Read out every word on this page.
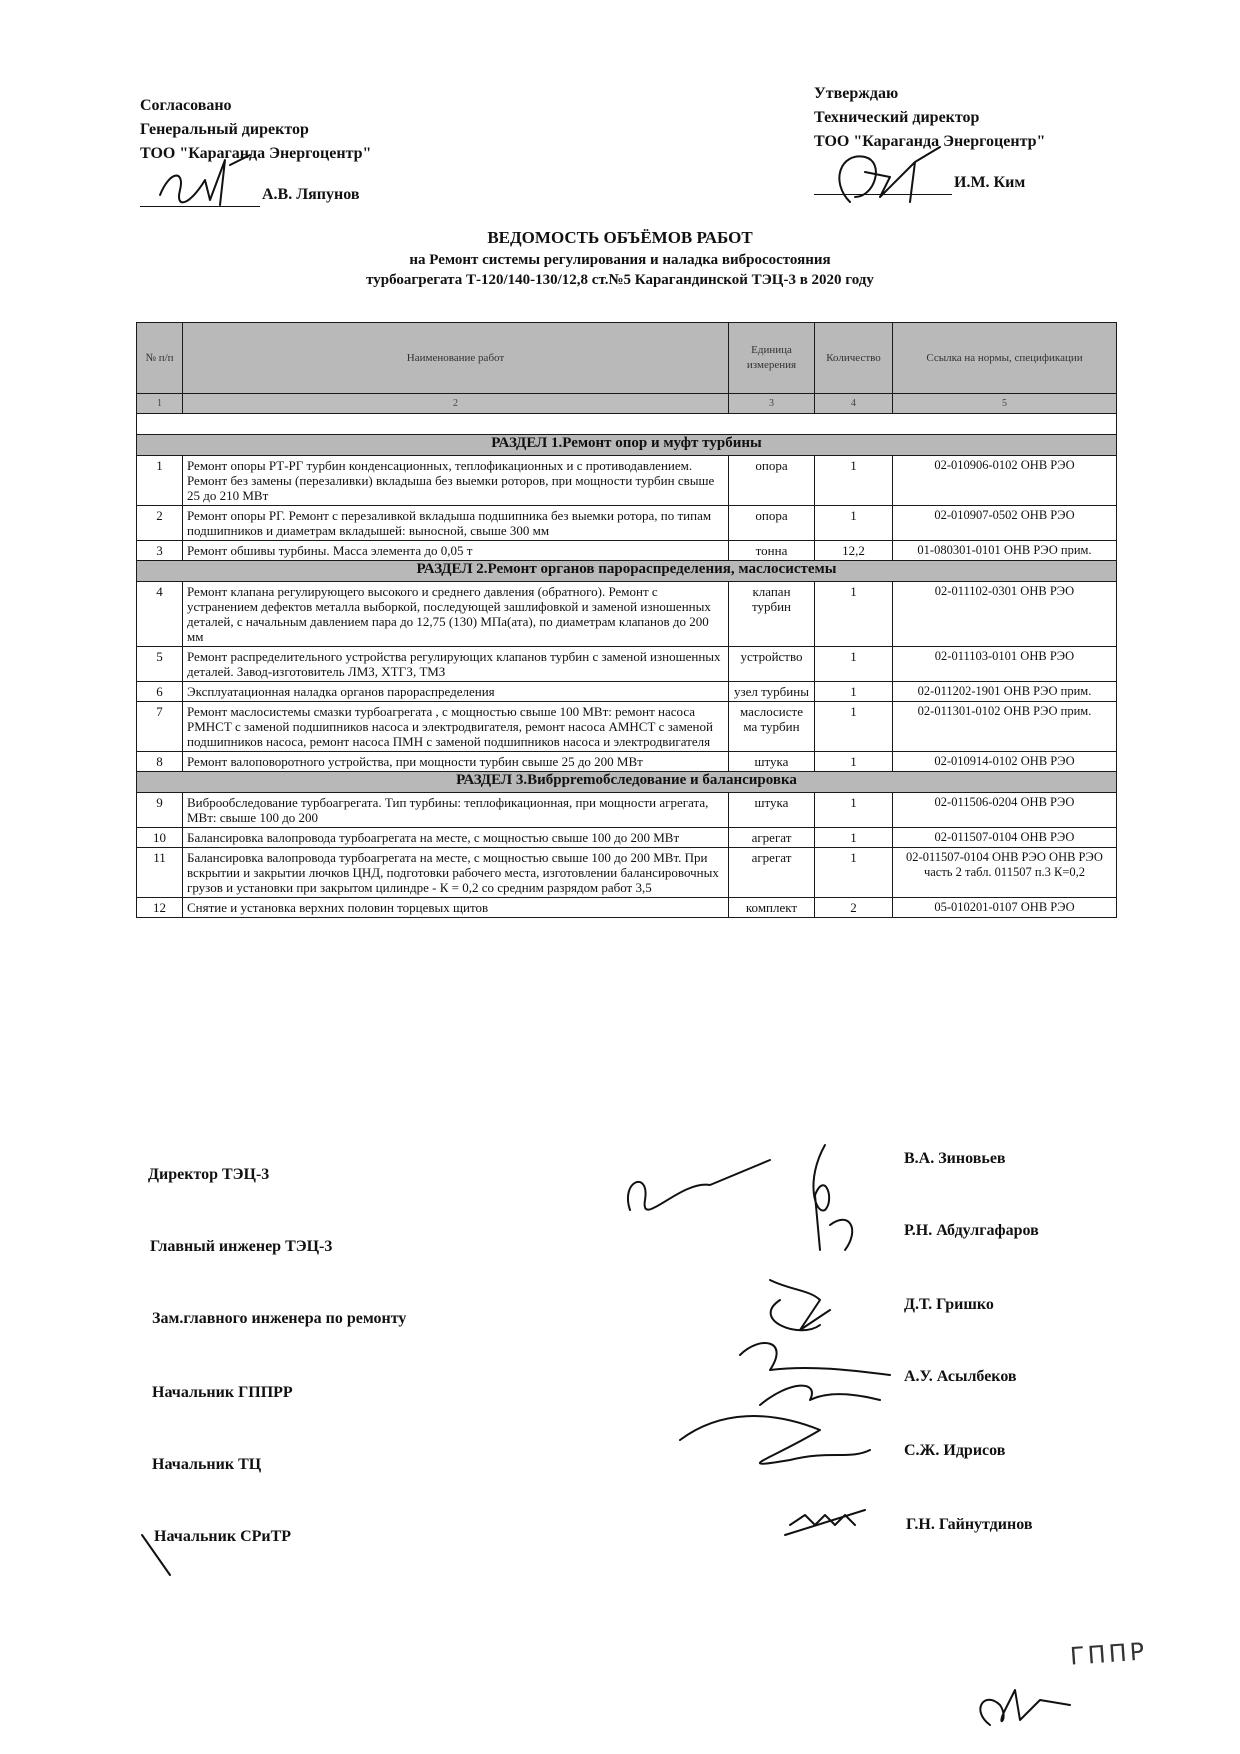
Согласовано
Генеральный директор
ТОО "Караганда Энергоцентр"
А.В. Ляпунов
Утверждаю
Технический директор
ТОО "Караганда Энергоцентр"
И.М. Ким
ВЕДОМОСТЬ ОБЪЁМОВ РАБОТ
на Ремонт системы регулирования и наладка вибросостояния
турбоагрегата Т-120/140-130/12,8 ст.№5 Карагандинской ТЭЦ-3 в 2020 году
№ п/п	Наименование работ	Единица измерения	Количество	Ссылка на нормы, спецификации
1	2	3	4	5

РАЗДЕЛ 1.Ремонт опор и муфт турбины				
1	Ремонт опоры РТ-РГ турбин конденсационных, теплофикационных и с противодавлением. Ремонт без замены (перезаливки) вкладыша без выемки роторов, при мощности турбин свыше 25 до 210 МВт	опора	1	02-010906-0102 ОНВ РЭО
2	Ремонт опоры РГ. Ремонт с перезаливкой вкладыша подшипника без выемки ротора, по типам подшипников и диаметрам вкладышей: выносной, свыше 300 мм	опора	1	02-010907-0502 ОНВ РЭО
3	Ремонт обшивы турбины. Масса элемента до 0,05 т	тонна	12,2	01-080301-0101 ОНВ РЭО прим.
РАЗДЕЛ 2.Ремонт органов парораспределения, маслосистемы				
4	Ремонт клапана регулирующего высокого и среднего давления (обратного). Ремонт с устранением дефектов металла выборкой, последующей зашлифовкой и заменой изношенных деталей, с начальным давлением пара до 12,75 (130) МПа(ата), по диаметрам клапанов до 200 мм	клапан турбин	1	02-011102-0301 ОНВ РЭО
5	Ремонт распределительного устройства регулирующих клапанов турбин с заменой изношенных деталей. Завод-изготовитель ЛМЗ, ХТГЗ, ТМЗ	устройство	1	02-011103-0101 ОНВ РЭО
6	Эксплуатационная наладка органов парораспределения	узел турбины	1	02-011202-1901 ОНВ РЭО прим.
7	Ремонт маслосистемы смазки турбоагрегата , с мощностью свыше 100 МВт: ремонт насоса РМНСТ с заменой подшипников насоса и электродвигателя, ремонт насоса АМНСТ с заменой подшипников насоса, ремонт насоса ПМН с заменой подшипников насоса и электродвигателя	маслосисте ма турбин	1	02-011301-0102 ОНВ РЭО прим.
8	Ремонт валоповоротного устройства, при мощности турбин свыше 25 до 200 МВт	штука	1	02-010914-0102 ОНВ РЭО
РАЗДЕЛ 3.Вибрpremобследование и балансировка				
9	Виброобследование турбоагрегата. Тип турбины: теплофикационная, при мощности агрегата, МВт: свыше 100 до 200	штука	1	02-011506-0204 ОНВ РЭО
10	Балансировка валопровода турбоагрегата на месте, с мощностью свыше 100 до 200 МВт	агрегат	1	02-011507-0104 ОНВ РЭО
11	Балансировка валопровода турбоагрегата на месте, с мощностью свыше 100 до 200 МВт. При вскрытии и закрытии лючков ЦНД, подготовки рабочего места, изготовлении балансировочных грузов и установки при закрытом цилиндре - К = 0,2 со средним разрядом работ 3,5	агрегат	1	02-011507-0104 ОНВ РЭО ОНВ РЭО часть 2 табл. 011507 п.3 К=0,2
12	Снятие и установка верхних половин торцевых щитов	комплект	2	05-010201-0107 ОНВ РЭО
Директор ТЭЦ-3
В.А. Зиновьев
Главный инженер ТЭЦ-3
Р.Н. Абдулгафаров
Зам.главного инженера по ремонту
Д.Т. Гришко
Начальник ГППРР
А.У. Асылбеков
Начальник ТЦ
С.Ж. Идрисов
Начальник СРиТР
Г.Н. Гайнутдинов
ГППР
